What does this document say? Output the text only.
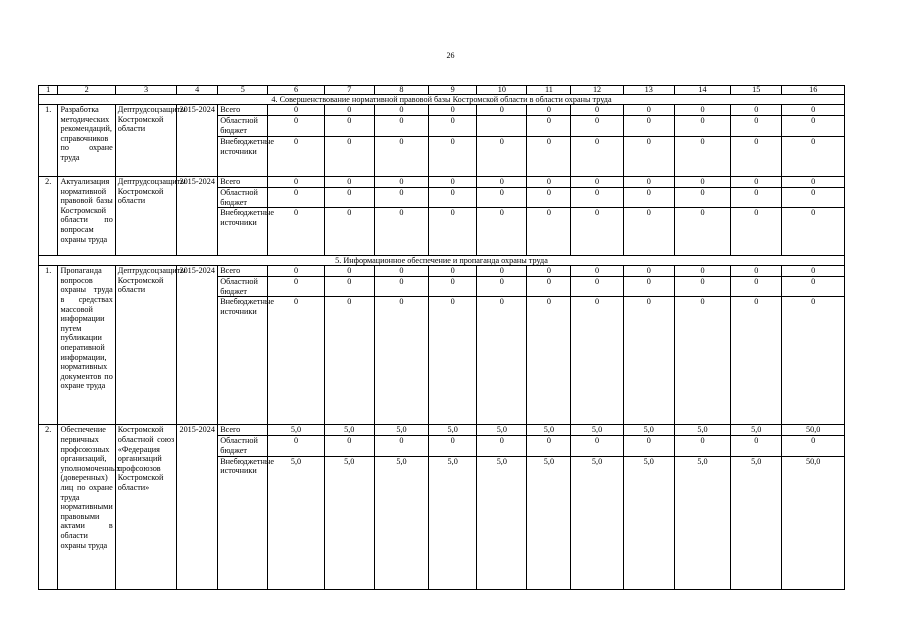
26
1	2	3	4	5	6	7	8	9	10	11	12	13	14	15	16
4. Совершенствование нормативной правовой базы Костромской области в области охраны труда															
1.	Разработка методических рекомендаций, справочников по охране труда	Дептрудсоцзащиты Костромской области	2015-2024	Всего	0	0	0	0	0	0	0	0	0	0	0
				Областной бюджет	0	0	0	0		0	0	0	0	0	0
				Внебюджетные источники	0	0	0	0	0	0	0	0	0	0	0
2.	Актуализация нормативной правовой базы Костромской области по вопросам охраны труда	Дептрудсоцзащиты Костромской области	2015-2024	Всего	0	0	0	0	0	0	0	0	0	0	0
				Областной бюджет	0	0	0	0	0	0	0	0	0	0	0
				Внебюджетные источники	0	0	0	0	0	0	0	0	0	0	0
5. Информационное обеспечение и пропаганда охраны труда															
1.	Пропаганда вопросов охраны труда в средствах массовой информации путем публикации оперативной информации, нормативных документов по охране труда	Дептрудсоцзащиты Костромской области	2015-2024	Всего	0	0	0	0	0	0	0	0	0	0	0
				Областной бюджет	0	0	0	0	0	0	0	0	0	0	0
				Внебюджетные источники	0	0	0	0	0	0	0	0	0	0	0
2.	Обеспечение первичных профсоюзных организаций, уполномоченных (доверенных) лиц по охране труда нормативными правовыми актами в области охраны труда	Костромской областной союз «Федерация организаций профсоюзов Костромской области»	2015-2024	Всего	5,0	5,0	5,0	5,0	5,0	5,0	5,0	5,0	5,0	5,0	50,0
				Областной бюджет	0	0	0	0	0	0	0	0	0	0	0
				Внебюджетные источники	5,0	5,0	5,0	5,0	5,0	5,0	5,0	5,0	5,0	5,0	50,0
